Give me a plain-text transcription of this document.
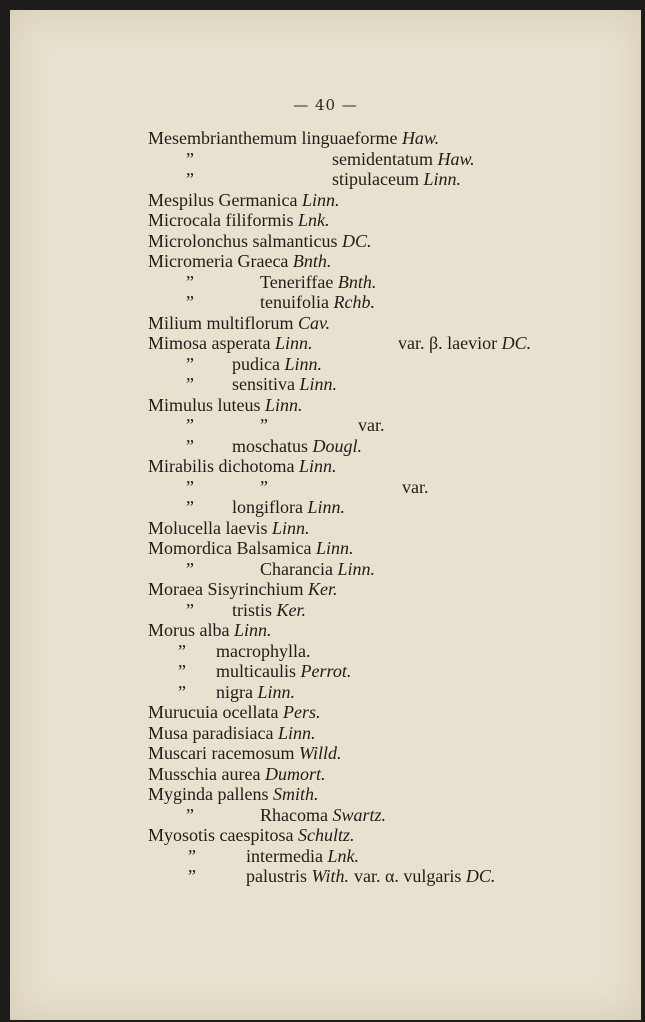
— 40 —
Mesembrianthemum linguaeforme Haw.
”	semidentatum Haw.
”	stipulaceum Linn.
Mespilus Germanica Linn.
Microcala filiformis Lnk.
Microlonchus salmanticus DC.
Micromeria Graeca Bnth.
”	Teneriffae Bnth.
”	tenuifolia Rchb.
Milium multiflorum Cav.
Mimosa asperata Linn.	var. β. laevior DC.
” pudica Linn.
” sensitiva Linn.
Mimulus luteus Linn.
”	”	var.
” moschatus Dougl.
Mirabilis dichotoma Linn.
”	”	var.
” longiflora Linn.
Molucella laevis Linn.
Momordica Balsamica Linn.
”	Charancia Linn.
Moraea Sisyrinchium Ker.
” tristis Ker.
Morus alba Linn.
” macrophylla.
” multicaulis Perrot.
” nigra Linn.
Murucuia ocellata Pers.
Musa paradisiaca Linn.
Muscari racemosum Willd.
Musschia aurea Dumort.
Myginda pallens Smith.
”	Rhacoma Swartz.
Myosotis caespitosa Schultz.
”	intermedia Lnk.
”	palustris With. var. α. vulgaris DC.
